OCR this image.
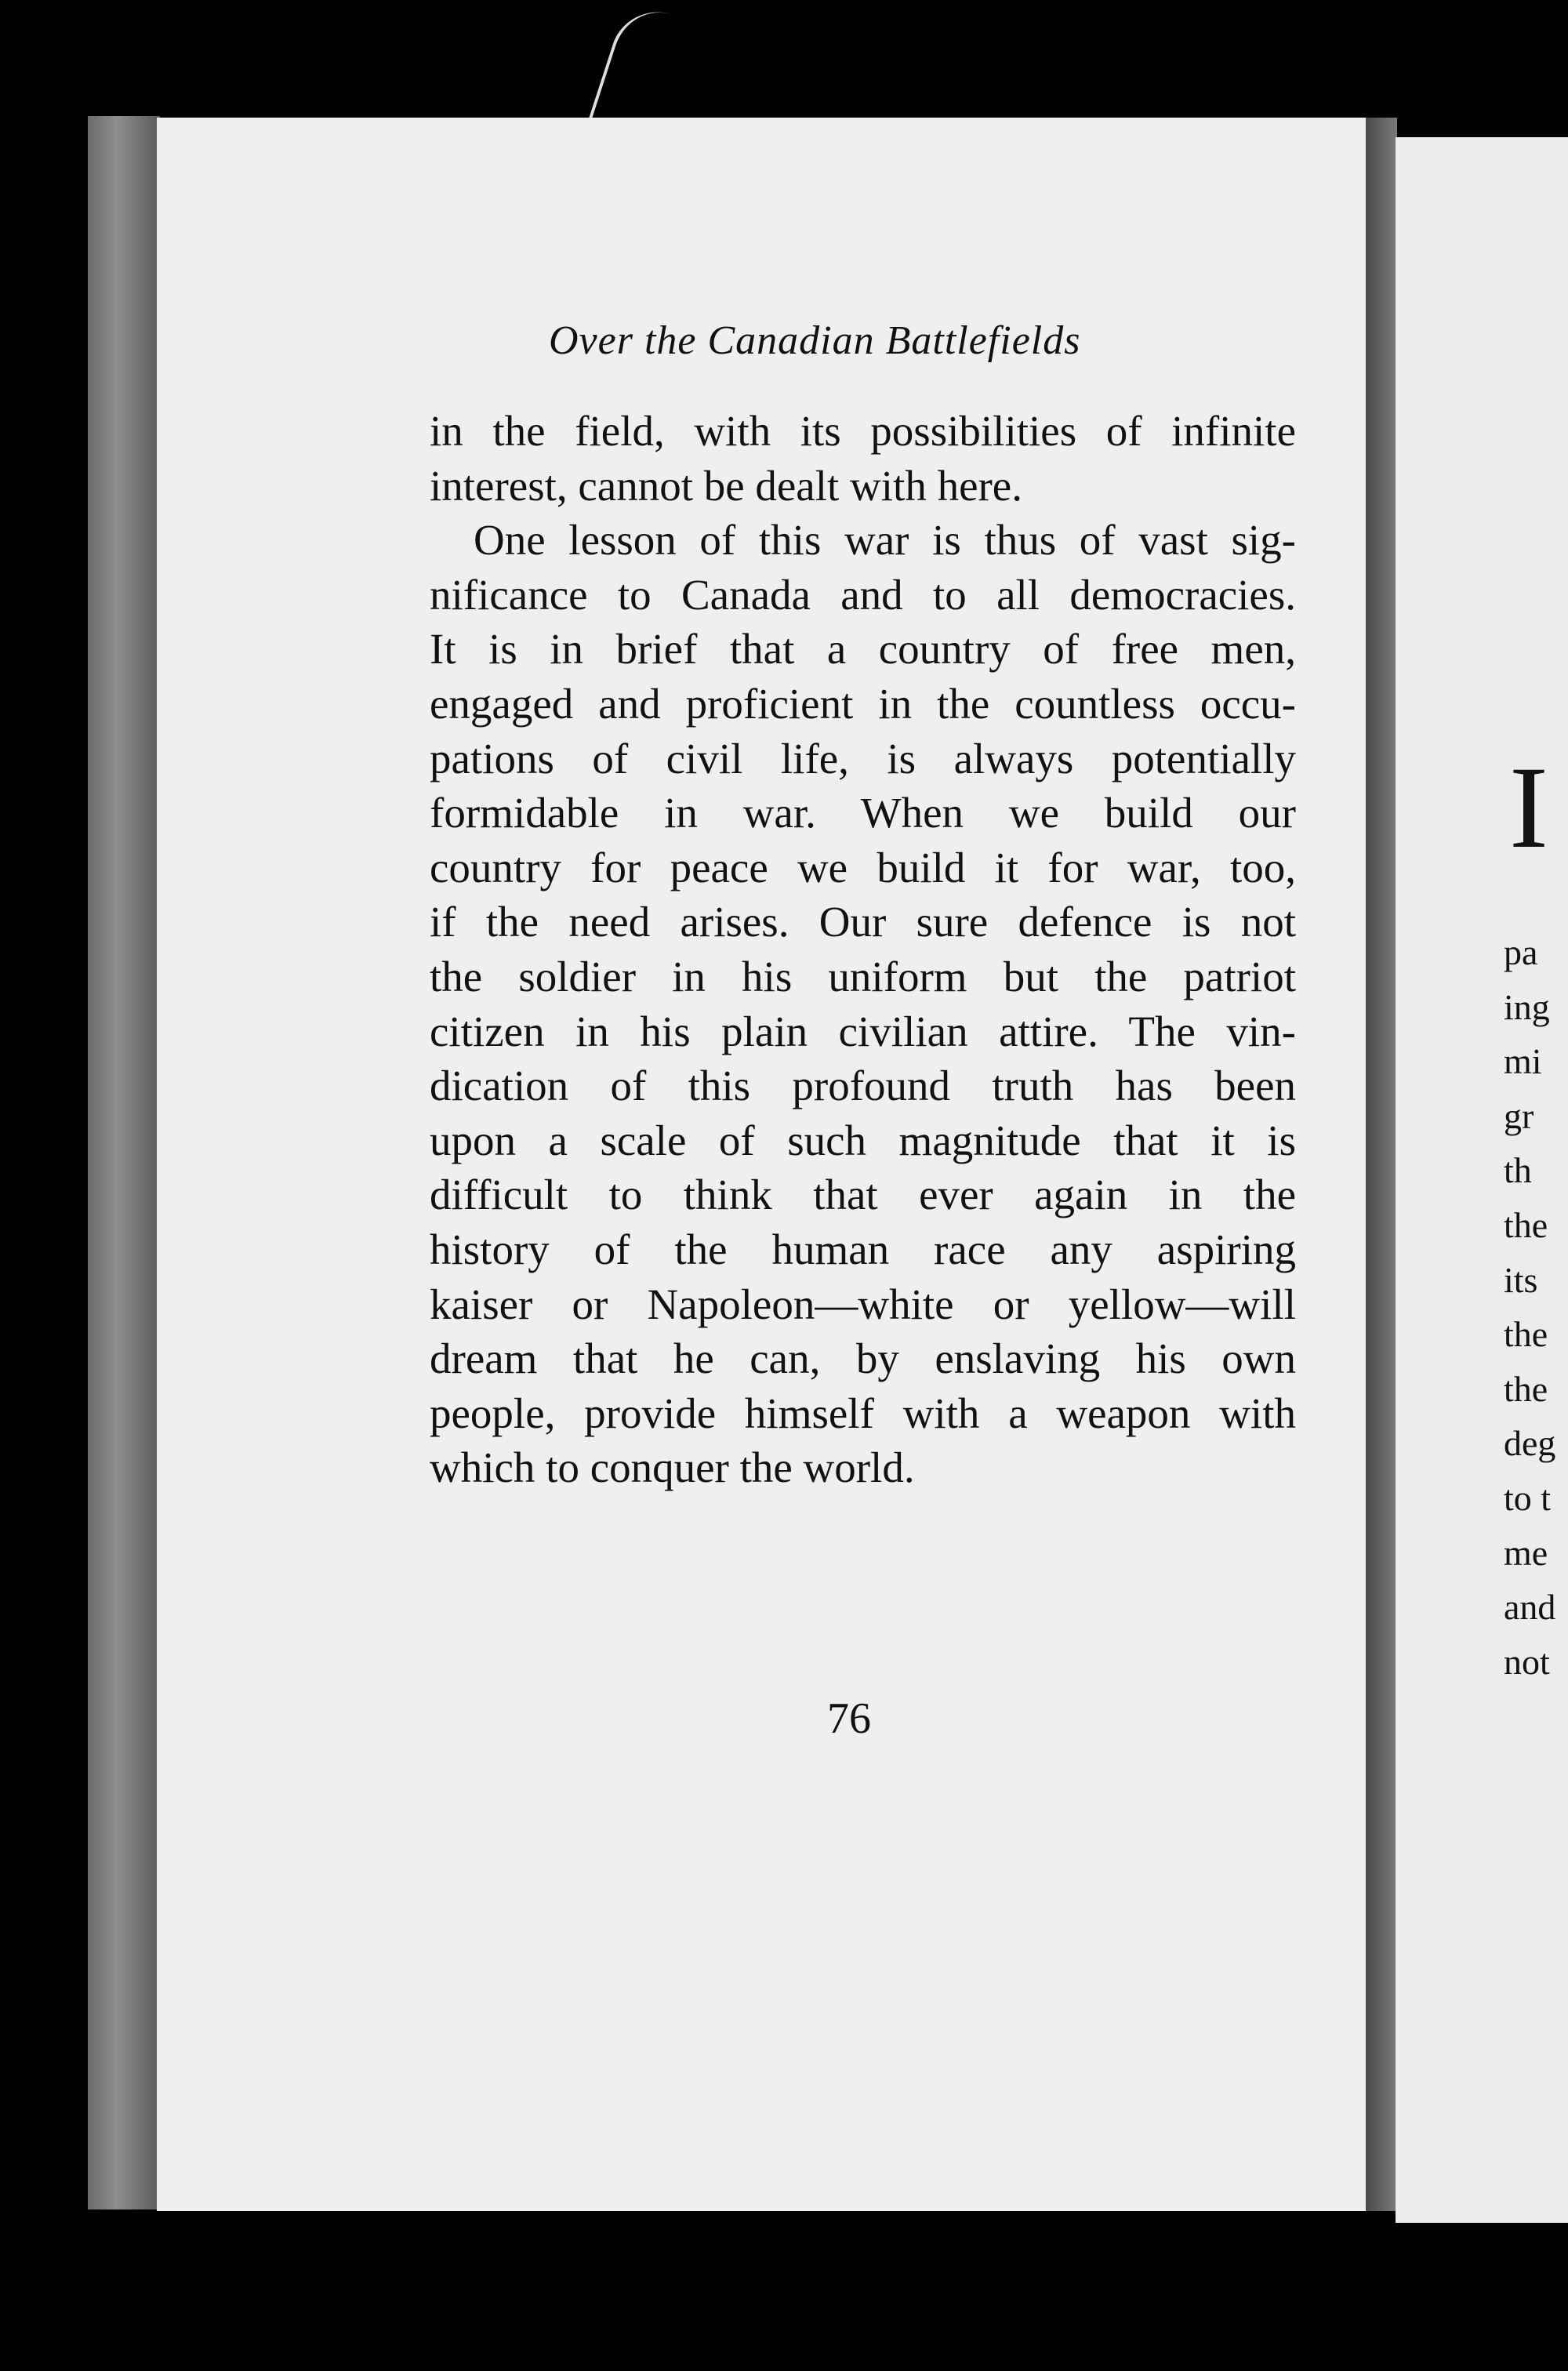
Over the Canadian Battlefields
in the field, with its possibilities of infinite
interest, cannot be dealt with here.
One lesson of this war is thus of vast sig-
nificance to Canada and to all democracies.
It is in brief that a country of free men,
engaged and proficient in the countless occu-
pations of civil life, is always potentially
formidable in war. When we build our
country for peace we build it for war, too,
if the need arises. Our sure defence is not
the soldier in his uniform but the patriot
citizen in his plain civilian attire. The vin-
dication of this profound truth has been
upon a scale of such magnitude that it is
difficult to think that ever again in the
history of the human race any aspiring
kaiser or Napoleon—white or yellow—will
dream that he can, by enslaving his own
people, provide himself with a weapon with
which to conquer the world.
76
I
pa
ing
mi
gr
th
the
its
the
the
deg
to t
me
and
not
